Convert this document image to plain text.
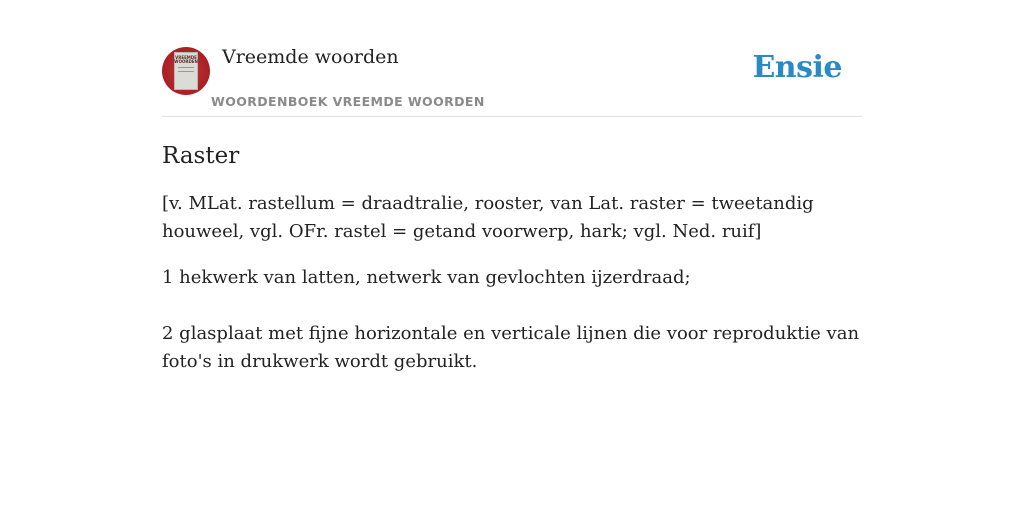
VREEMDE
WOORDEN Vreemde woorden
WOORDENBOEK VREEMDE WOORDEN
Ensie
Raster
[v. MLat. rastellum = draadtralie, rooster, van Lat. raster = tweetandig houweel, vgl. OFr. rastel = getand voorwerp, hark; vgl. Ned. ruif]
1 hekwerk van latten, netwerk van gevlochten ijzerdraad;
2 glasplaat met fijne horizontale en verticale lijnen die voor reproduktie van foto's in drukwerk wordt gebruikt.
